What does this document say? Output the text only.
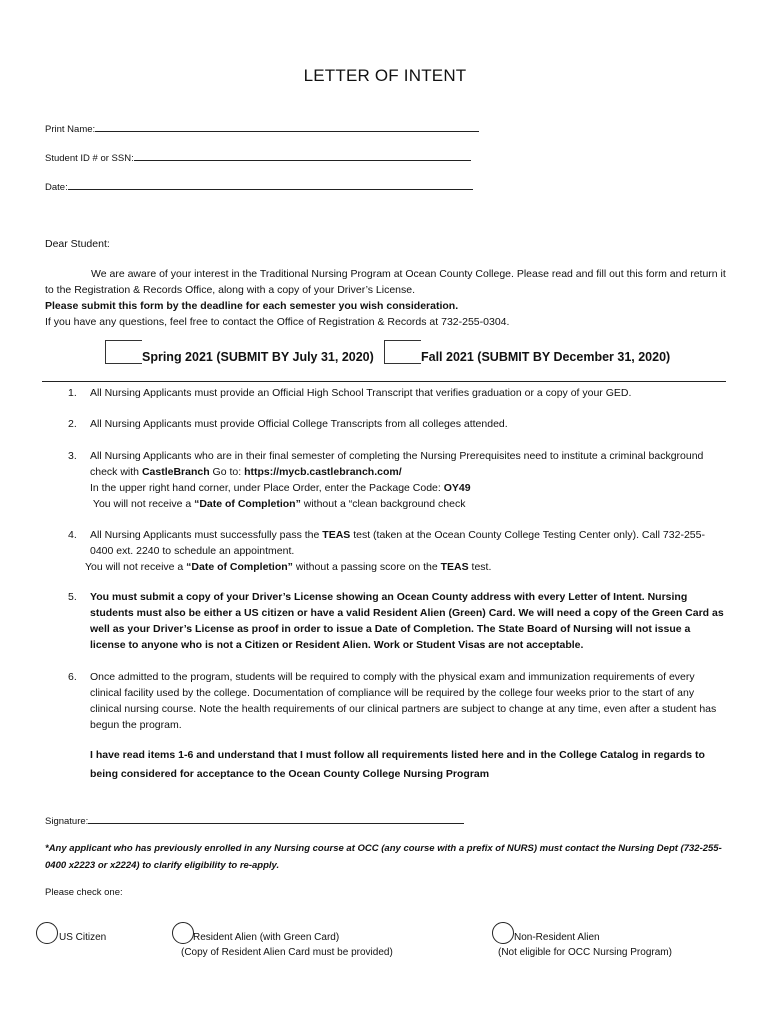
LETTER OF INTENT
Print Name:
Student ID # or SSN:
Date:
Dear Student:
We are aware of your interest in the Traditional Nursing Program at Ocean County College. Please read and fill out this form and return it to the Registration & Records Office, along with a copy of your Driver’s License.
Please submit this form by the deadline for each semester you wish consideration.
If you have any questions, feel free to contact the Office of Registration & Records at 732-255-0304.
Spring 2021 (SUBMIT BY July 31, 2020)	Fall 2021 (SUBMIT BY December 31, 2020)
1.	All Nursing Applicants must provide an Official High School Transcript that verifies graduation or a copy of your GED.
2.	All Nursing Applicants must provide Official College Transcripts from all colleges attended.
3.	All Nursing Applicants who are in their final semester of completing the Nursing Prerequisites need to institute a criminal background check with CastleBranch Go to: https://mycb.castlebranch.com/
In the upper right hand corner, under Place Order, enter the Package Code: OY49
You will not receive a “Date of Completion” without a “clean background check
4.	All Nursing Applicants must successfully pass the TEAS test (taken at the Ocean County College Testing Center only). Call 732-255-0400 ext. 2240 to schedule an appointment.
You will not receive a “Date of Completion” without a passing score on the TEAS test.
5.	You must submit a copy of your Driver’s License showing an Ocean County address with every Letter of Intent. Nursing students must also be either a US citizen or have a valid Resident Alien (Green) Card. We will need a copy of the Green Card as well as your Driver’s License as proof in order to issue a Date of Completion. The State Board of Nursing will not issue a license to anyone who is not a Citizen or Resident Alien. Work or Student Visas are not acceptable.
6.	Once admitted to the program, students will be required to comply with the physical exam and immunization requirements of every clinical facility used by the college. Documentation of compliance will be required by the college four weeks prior to the start of any clinical nursing course. Note the health requirements of our clinical partners are subject to change at any time, even after a student has begun the program.
I have read items 1-6 and understand that I must follow all requirements listed here and in the College Catalog in regards to being considered for acceptance to the Ocean County College Nursing Program
Signature:
*Any applicant who has previously enrolled in any Nursing course at OCC (any course with a prefix of NURS) must contact the Nursing Dept (732-255-0400 x2223 or x2224) to clarify eligibility to re-apply.
Please check one:
US Citizen	Resident Alien (with Green Card)
(Copy of Resident Alien Card must be provided)
Non-Resident Alien
(Not eligible for OCC Nursing Program)
